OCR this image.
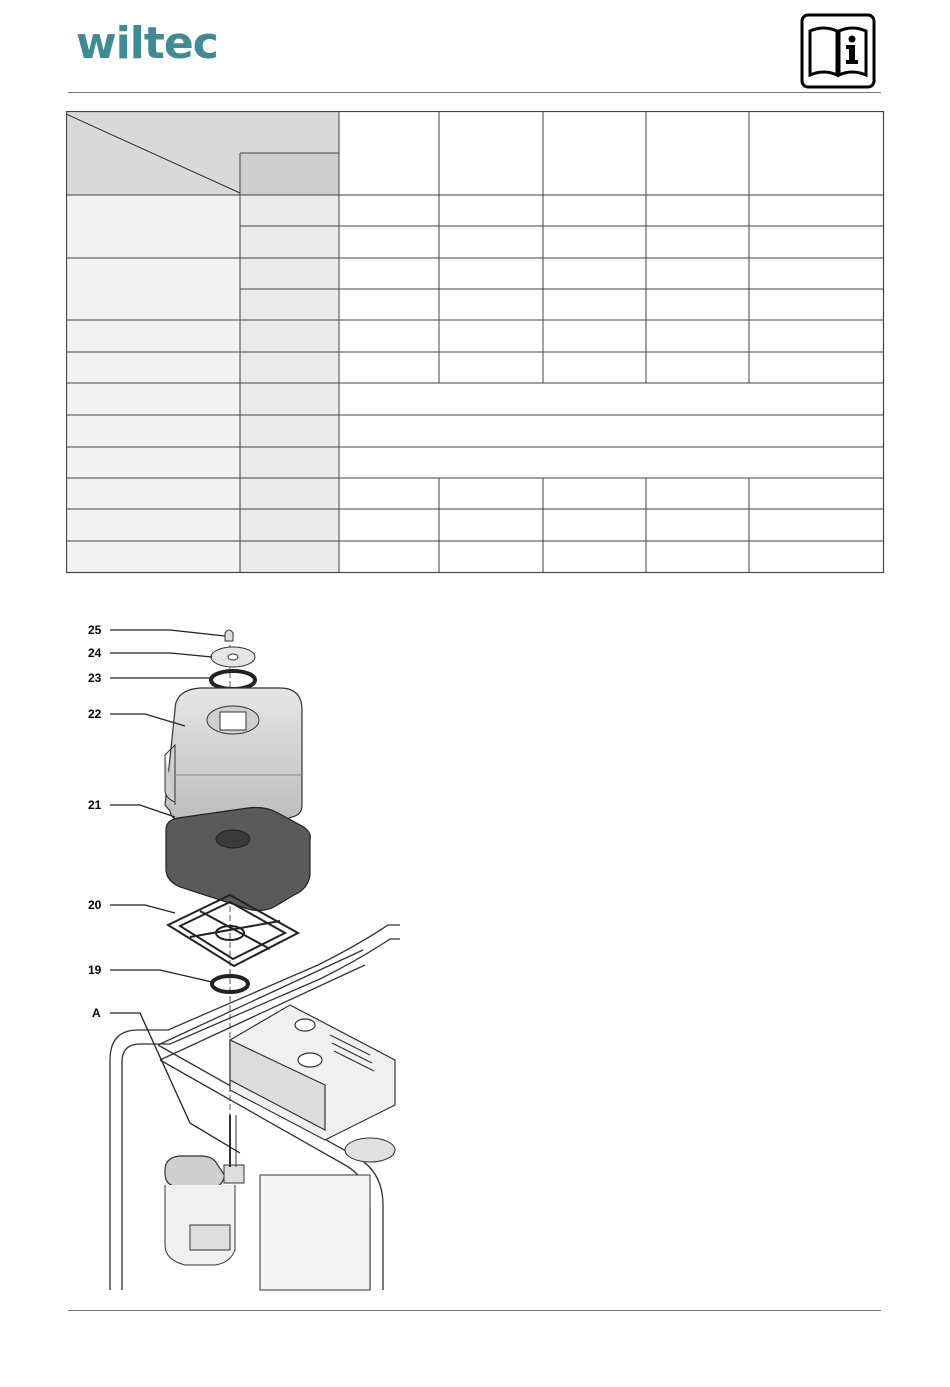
wiltec
25
24
23
22
21
20
19
A
